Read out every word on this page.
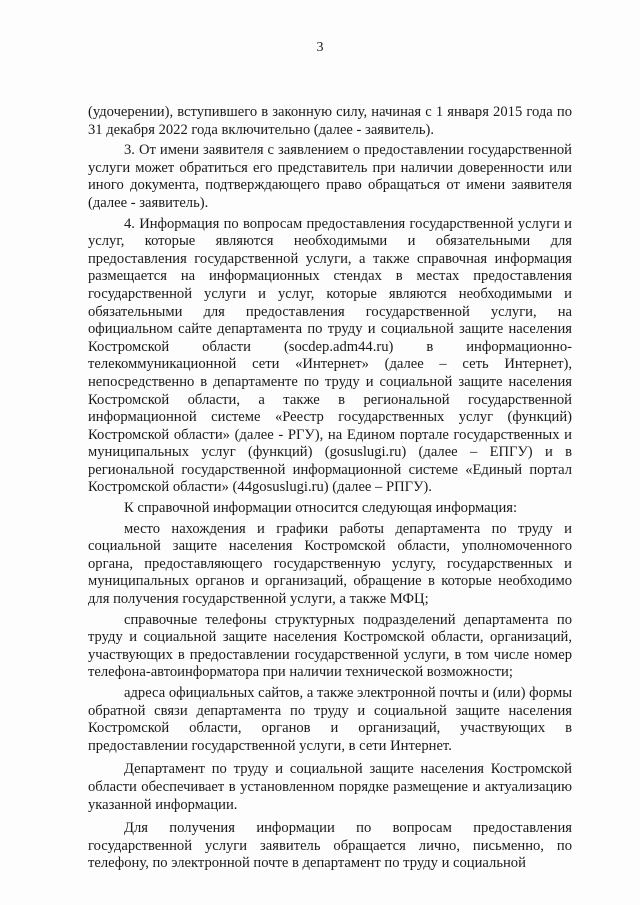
3

(удочерении), вступившего в законную силу, начиная с 1 января 2015 года по 31 декабря 2022 года включительно (далее - заявитель).

3. От имени заявителя с заявлением о предоставлении государственной услуги может обратиться его представитель при наличии доверенности или иного документа, подтверждающего право обращаться от имени заявителя (далее - заявитель).

4. Информация по вопросам предоставления государственной услуги и услуг, которые являются необходимыми и обязательными для предоставления государственной услуги, а также справочная информация размещается на информационных стендах в местах предоставления государственной услуги и услуг, которые являются необходимыми и обязательными для предоставления государственной услуги, на официальном сайте департамента по труду и социальной защите населения Костромской области (socdep.adm44.ru) в информационно-телекоммуникационной сети «Интернет» (далее – сеть Интернет), непосредственно в департаменте по труду и социальной защите населения Костромской области, а также в региональной государственной информационной системе «Реестр государственных услуг (функций) Костромской области» (далее - РГУ), на Едином портале государственных и муниципальных услуг (функций) (gosuslugi.ru) (далее – ЕПГУ) и в региональной государственной информационной системе «Единый портал Костромской области» (44gosuslugi.ru) (далее – РПГУ).

К справочной информации относится следующая информация:

место нахождения и графики работы департамента по труду и социальной защите населения Костромской области, уполномоченного органа, предоставляющего государственную услугу, государственных и муниципальных органов и организаций, обращение в которые необходимо для получения государственной услуги, а также МФЦ;

справочные телефоны структурных подразделений департамента по труду и социальной защите населения Костромской области, организаций, участвующих в предоставлении государственной услуги, в том числе номер телефона-автоинформатора при наличии технической возможности;

адреса официальных сайтов, а также электронной почты и (или) формы обратной связи департамента по труду и социальной защите населения Костромской области, органов и организаций, участвующих в предоставлении государственной услуги, в сети Интернет.

Департамент по труду и социальной защите населения Костромской области обеспечивает в установленном порядке размещение и актуализацию указанной информации.

Для получения информации по вопросам предоставления государственной услуги заявитель обращается лично, письменно, по телефону, по электронной почте в департамент по труду и социальной
